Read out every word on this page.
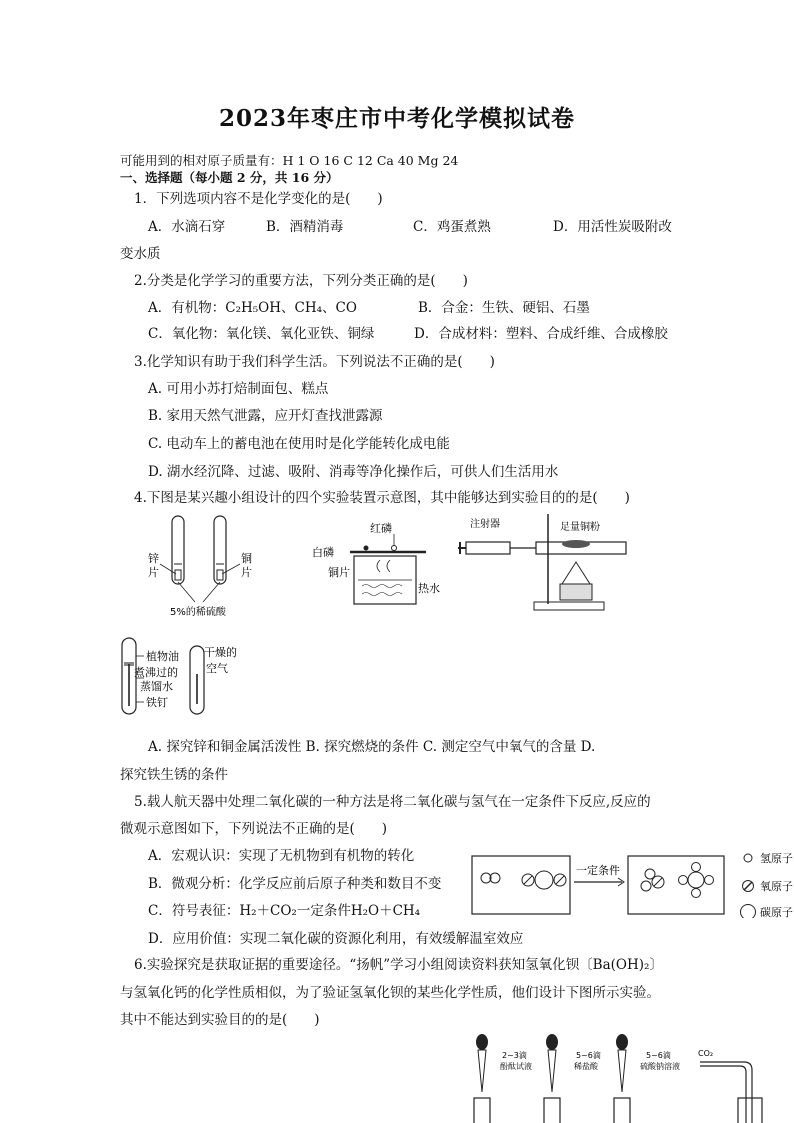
2023年枣庄市中考化学模拟试卷
可能用到的相对原子质量有：H 1 O 16 C 12 Ca 40 Mg 24
一、选择题（每小题 2 分，共 16 分）
1．下列选项内容不是化学变化的是(　　)
A．水滴石穿	B．酒精消毒	C．鸡蛋煮熟	D．用活性炭吸附改
变水质
2.分类是化学学习的重要方法，下列分类正确的是(　　)
A．有机物：C₂H₅OH、CH₄、CO	B．合金：生铁、硬铝、石墨
C．氧化物：氧化镁、氧化亚铁、铜绿	D．合成材料：塑料、合成纤维、合成橡胶
3.化学知识有助于我们科学生活。下列说法不正确的是(　　)
A. 可用小苏打焙制面包、糕点
B. 家用天然气泄露，应开灯查找泄露源
C. 电动车上的蓄电池在使用时是化学能转化成电能
D. 湖水经沉降、过滤、吸附、消毒等净化操作后，可供人们生活用水
4.下图是某兴趣小组设计的四个实验装置示意图，其中能够达到实验目的的是(　　)
锌
片
铜
片
5%的稀硫酸
红磷
白磷
铜片
热水
注射器	足量铜粉
植物油
煮沸过的
蒸馏水
铁钉
干燥的
空气
A. 探究锌和铜金属活泼性 B. 探究燃烧的条件 C. 测定空气中氧气的含量 D.
探究铁生锈的条件
5.载人航天器中处理二氧化碳的一种方法是将二氧化碳与氢气在一定条件下反应,反应的
微观示意图如下，下列说法不正确的是(　　)
A．宏观认识：实现了无机物到有机物的转化
B．微观分析：化学反应前后原子种类和数目不变
C．符号表征：H₂＋CO₂一定条件H₂O＋CH₄
D．应用价值：实现二氧化碳的资源化利用，有效缓解温室效应
一定条件
氢原子
氧原子
碳原子
6.实验探究是获取证据的重要途径。“扬帆”学习小组阅读资料获知氢氧化钡〔Ba(OH)₂〕
与氢氧化钙的化学性质相似，为了验证氢氧化钡的某些化学性质，他们设计下图所示实验。
其中不能达到实验目的的是(　　)
2~3滴
酚酞试液
5~6滴
稀盐酸
5~6滴
硫酸钠溶液
CO₂
